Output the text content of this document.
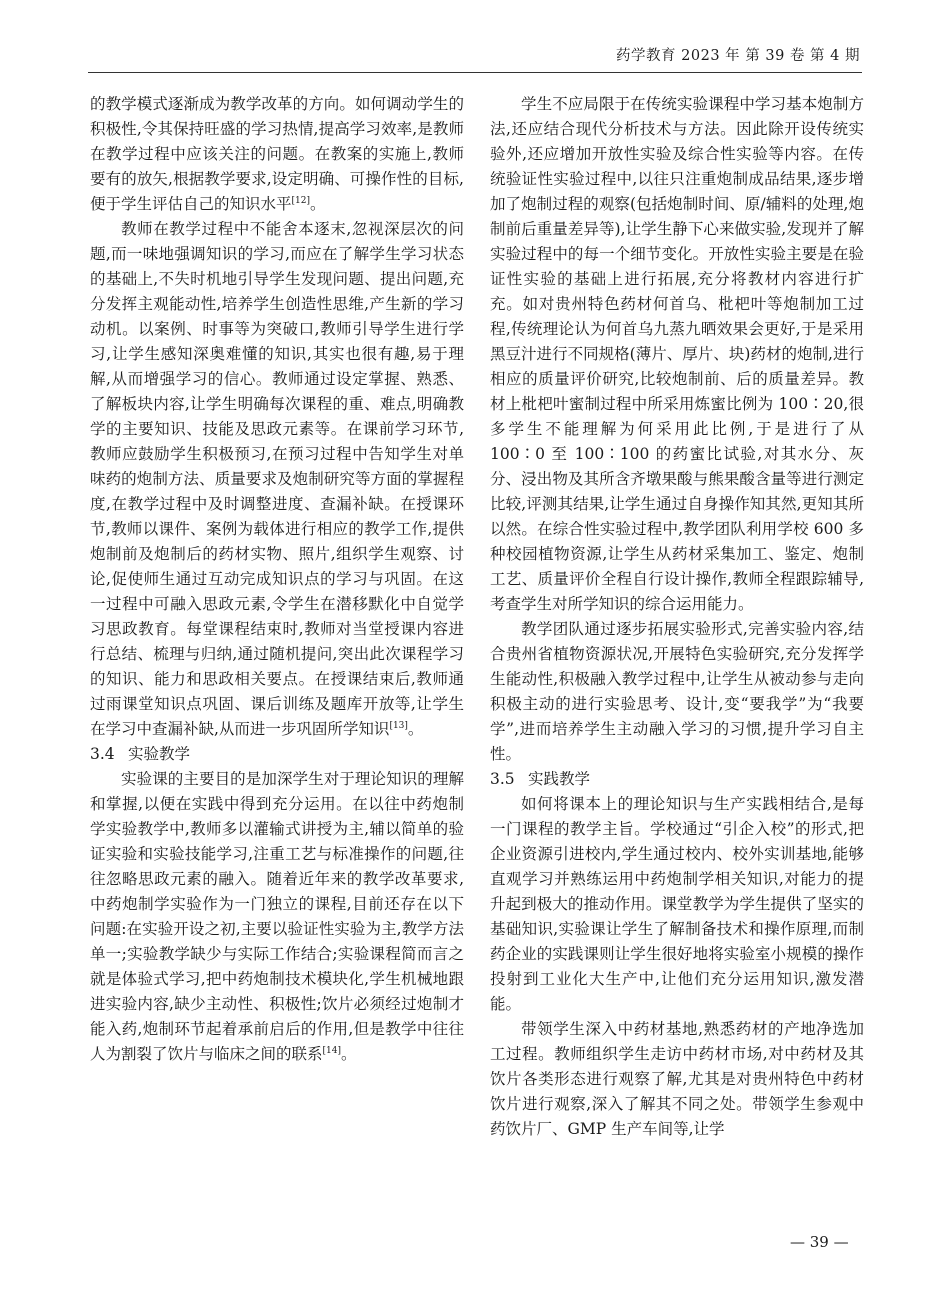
药学教育 2023 年 第 39 卷 第 4 期

的教学模式逐渐成为教学改革的方向。如何调动学生的积极性,令其保持旺盛的学习热情,提高学习效率,是教师在教学过程中应该关注的问题。在教案的实施上,教师要有的放矢,根据教学要求,设定明确、可操作性的目标,便于学生评估自己的知识水平[12]。

教师在教学过程中不能舍本逐末,忽视深层次的问题,而一味地强调知识的学习,而应在了解学生学习状态的基础上,不失时机地引导学生发现问题、提出问题,充分发挥主观能动性,培养学生创造性思维,产生新的学习动机。以案例、时事等为突破口,教师引导学生进行学习,让学生感知深奥难懂的知识,其实也很有趣,易于理解,从而增强学习的信心。教师通过设定掌握、熟悉、了解板块内容,让学生明确每次课程的重、难点,明确教学的主要知识、技能及思政元素等。在课前学习环节,教师应鼓励学生积极预习,在预习过程中告知学生对单味药的炮制方法、质量要求及炮制研究等方面的掌握程度,在教学过程中及时调整进度、查漏补缺。在授课环节,教师以课件、案例为载体进行相应的教学工作,提供炮制前及炮制后的药材实物、照片,组织学生观察、讨论,促使师生通过互动完成知识点的学习与巩固。在这一过程中可融入思政元素,令学生在潜移默化中自觉学习思政教育。每堂课程结束时,教师对当堂授课内容进行总结、梳理与归纳,通过随机提问,突出此次课程学习的知识、能力和思政相关要点。在授课结束后,教师通过雨课堂知识点巩固、课后训练及题库开放等,让学生在学习中查漏补缺,从而进一步巩固所学知识[13]。

3.4 实验教学

实验课的主要目的是加深学生对于理论知识的理解和掌握,以便在实践中得到充分运用。在以往中药炮制学实验教学中,教师多以灌输式讲授为主,辅以简单的验证实验和实验技能学习,注重工艺与标准操作的问题,往往忽略思政元素的融入。随着近年来的教学改革要求,中药炮制学实验作为一门独立的课程,目前还存在以下问题:在实验开设之初,主要以验证性实验为主,教学方法单一;实验教学缺少与实际工作结合;实验课程简而言之就是体验式学习,把中药炮制技术模块化,学生机械地跟进实验内容,缺少主动性、积极性;饮片必须经过炮制才能入药,炮制环节起着承前启后的作用,但是教学中往往人为割裂了饮片与临床之间的联系[14]。

学生不应局限于在传统实验课程中学习基本炮制方法,还应结合现代分析技术与方法。因此除开设传统实验外,还应增加开放性实验及综合性实验等内容。在传统验证性实验过程中,以往只注重炮制成品结果,逐步增加了炮制过程的观察(包括炮制时间、原/辅料的处理,炮制前后重量差异等),让学生静下心来做实验,发现并了解实验过程中的每一个细节变化。开放性实验主要是在验证性实验的基础上进行拓展,充分将教材内容进行扩充。如对贵州特色药材何首乌、枇杷叶等炮制加工过程,传统理论认为何首乌九蒸九晒效果会更好,于是采用黑豆汁进行不同规格(薄片、厚片、块)药材的炮制,进行相应的质量评价研究,比较炮制前、后的质量差异。教材上枇杷叶蜜制过程中所采用炼蜜比例为 100∶20,很多学生不能理解为何采用此比例,于是进行了从 100∶0 至 100∶100 的药蜜比试验,对其水分、灰分、浸出物及其所含齐墩果酸与熊果酸含量等进行测定比较,评测其结果,让学生通过自身操作知其然,更知其所以然。在综合性实验过程中,教学团队利用学校 600 多种校园植物资源,让学生从药材采集加工、鉴定、炮制工艺、质量评价全程自行设计操作,教师全程跟踪辅导,考查学生对所学知识的综合运用能力。

教学团队通过逐步拓展实验形式,完善实验内容,结合贵州省植物资源状况,开展特色实验研究,充分发挥学生能动性,积极融入教学过程中,让学生从被动参与走向积极主动的进行实验思考、设计,变“要我学”为“我要学”,进而培养学生主动融入学习的习惯,提升学习自主性。

3.5 实践教学

如何将课本上的理论知识与生产实践相结合,是每一门课程的教学主旨。学校通过“引企入校”的形式,把企业资源引进校内,学生通过校内、校外实训基地,能够直观学习并熟练运用中药炮制学相关知识,对能力的提升起到极大的推动作用。课堂教学为学生提供了坚实的基础知识,实验课让学生了解制备技术和操作原理,而制药企业的实践课则让学生很好地将实验室小规模的操作投射到工业化大生产中,让他们充分运用知识,激发潜能。

带领学生深入中药材基地,熟悉药材的产地净选加工过程。教师组织学生走访中药材市场,对中药材及其饮片各类形态进行观察了解,尤其是对贵州特色中药材饮片进行观察,深入了解其不同之处。带领学生参观中药饮片厂、GMP 生产车间等,让学

— 39 —
